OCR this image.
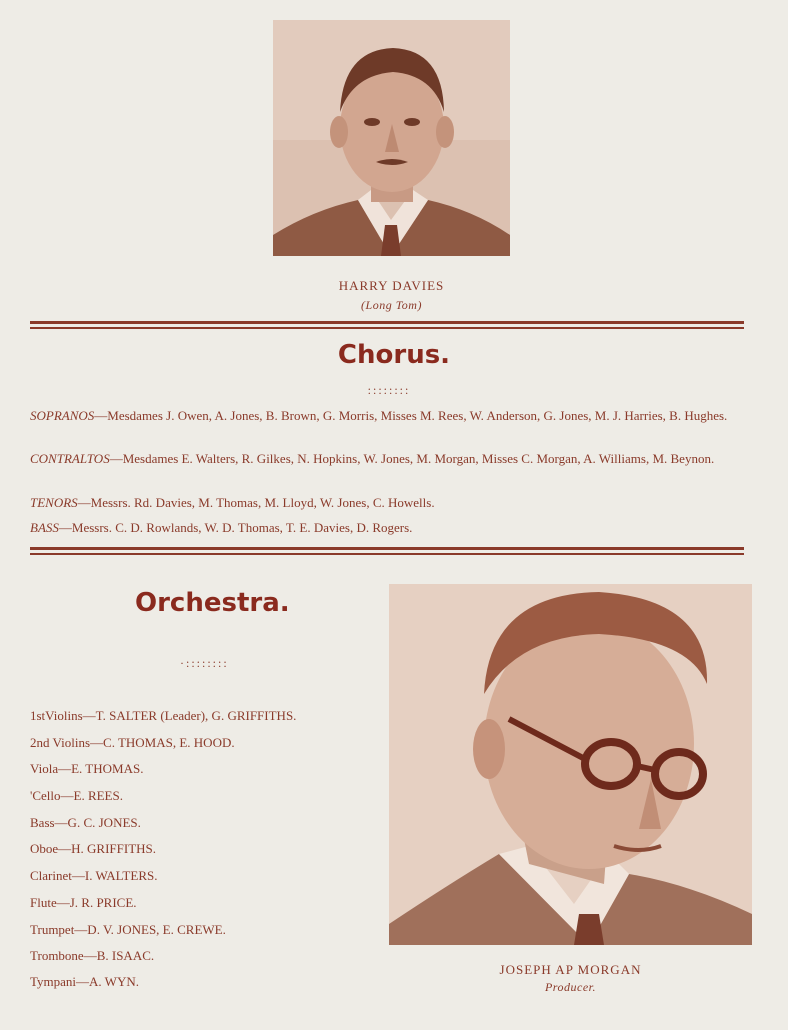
HARRY DAVIES
(Long Tom)
Chorus.
::::::::
SOPRANOS—Mesdames J. Owen, A. Jones, B. Brown, G. Morris, Misses M. Rees, W. Anderson, G. Jones, M. J. Harries, B. Hughes.
CONTRALTOS—Mesdames E. Walters, R. Gilkes, N. Hopkins, W. Jones, M. Morgan, Misses C. Morgan, A. Williams, M. Beynon.
TENORS—Messrs. Rd. Davies, M. Thomas, M. Lloyd, W. Jones, C. Howells.
BASS—Messrs. C. D. Rowlands, W. D. Thomas, T. E. Davies, D. Rogers.
Orchestra.
·::::::::
1stViolins—T. SALTER (Leader), G. GRIFFITHS.
2nd Violins—C. THOMAS, E. HOOD.
Viola—E. THOMAS.
'Cello—E. REES.
Bass—G. C. JONES.
Oboe—H. GRIFFITHS.
Clarinet—I. WALTERS.
Flute—J. R. PRICE.
Trumpet—D. V. JONES, E. CREWE.
Trombone—B. ISAAC.
Tympani—A. WYN.
JOSEPH AP MORGAN
Producer.
